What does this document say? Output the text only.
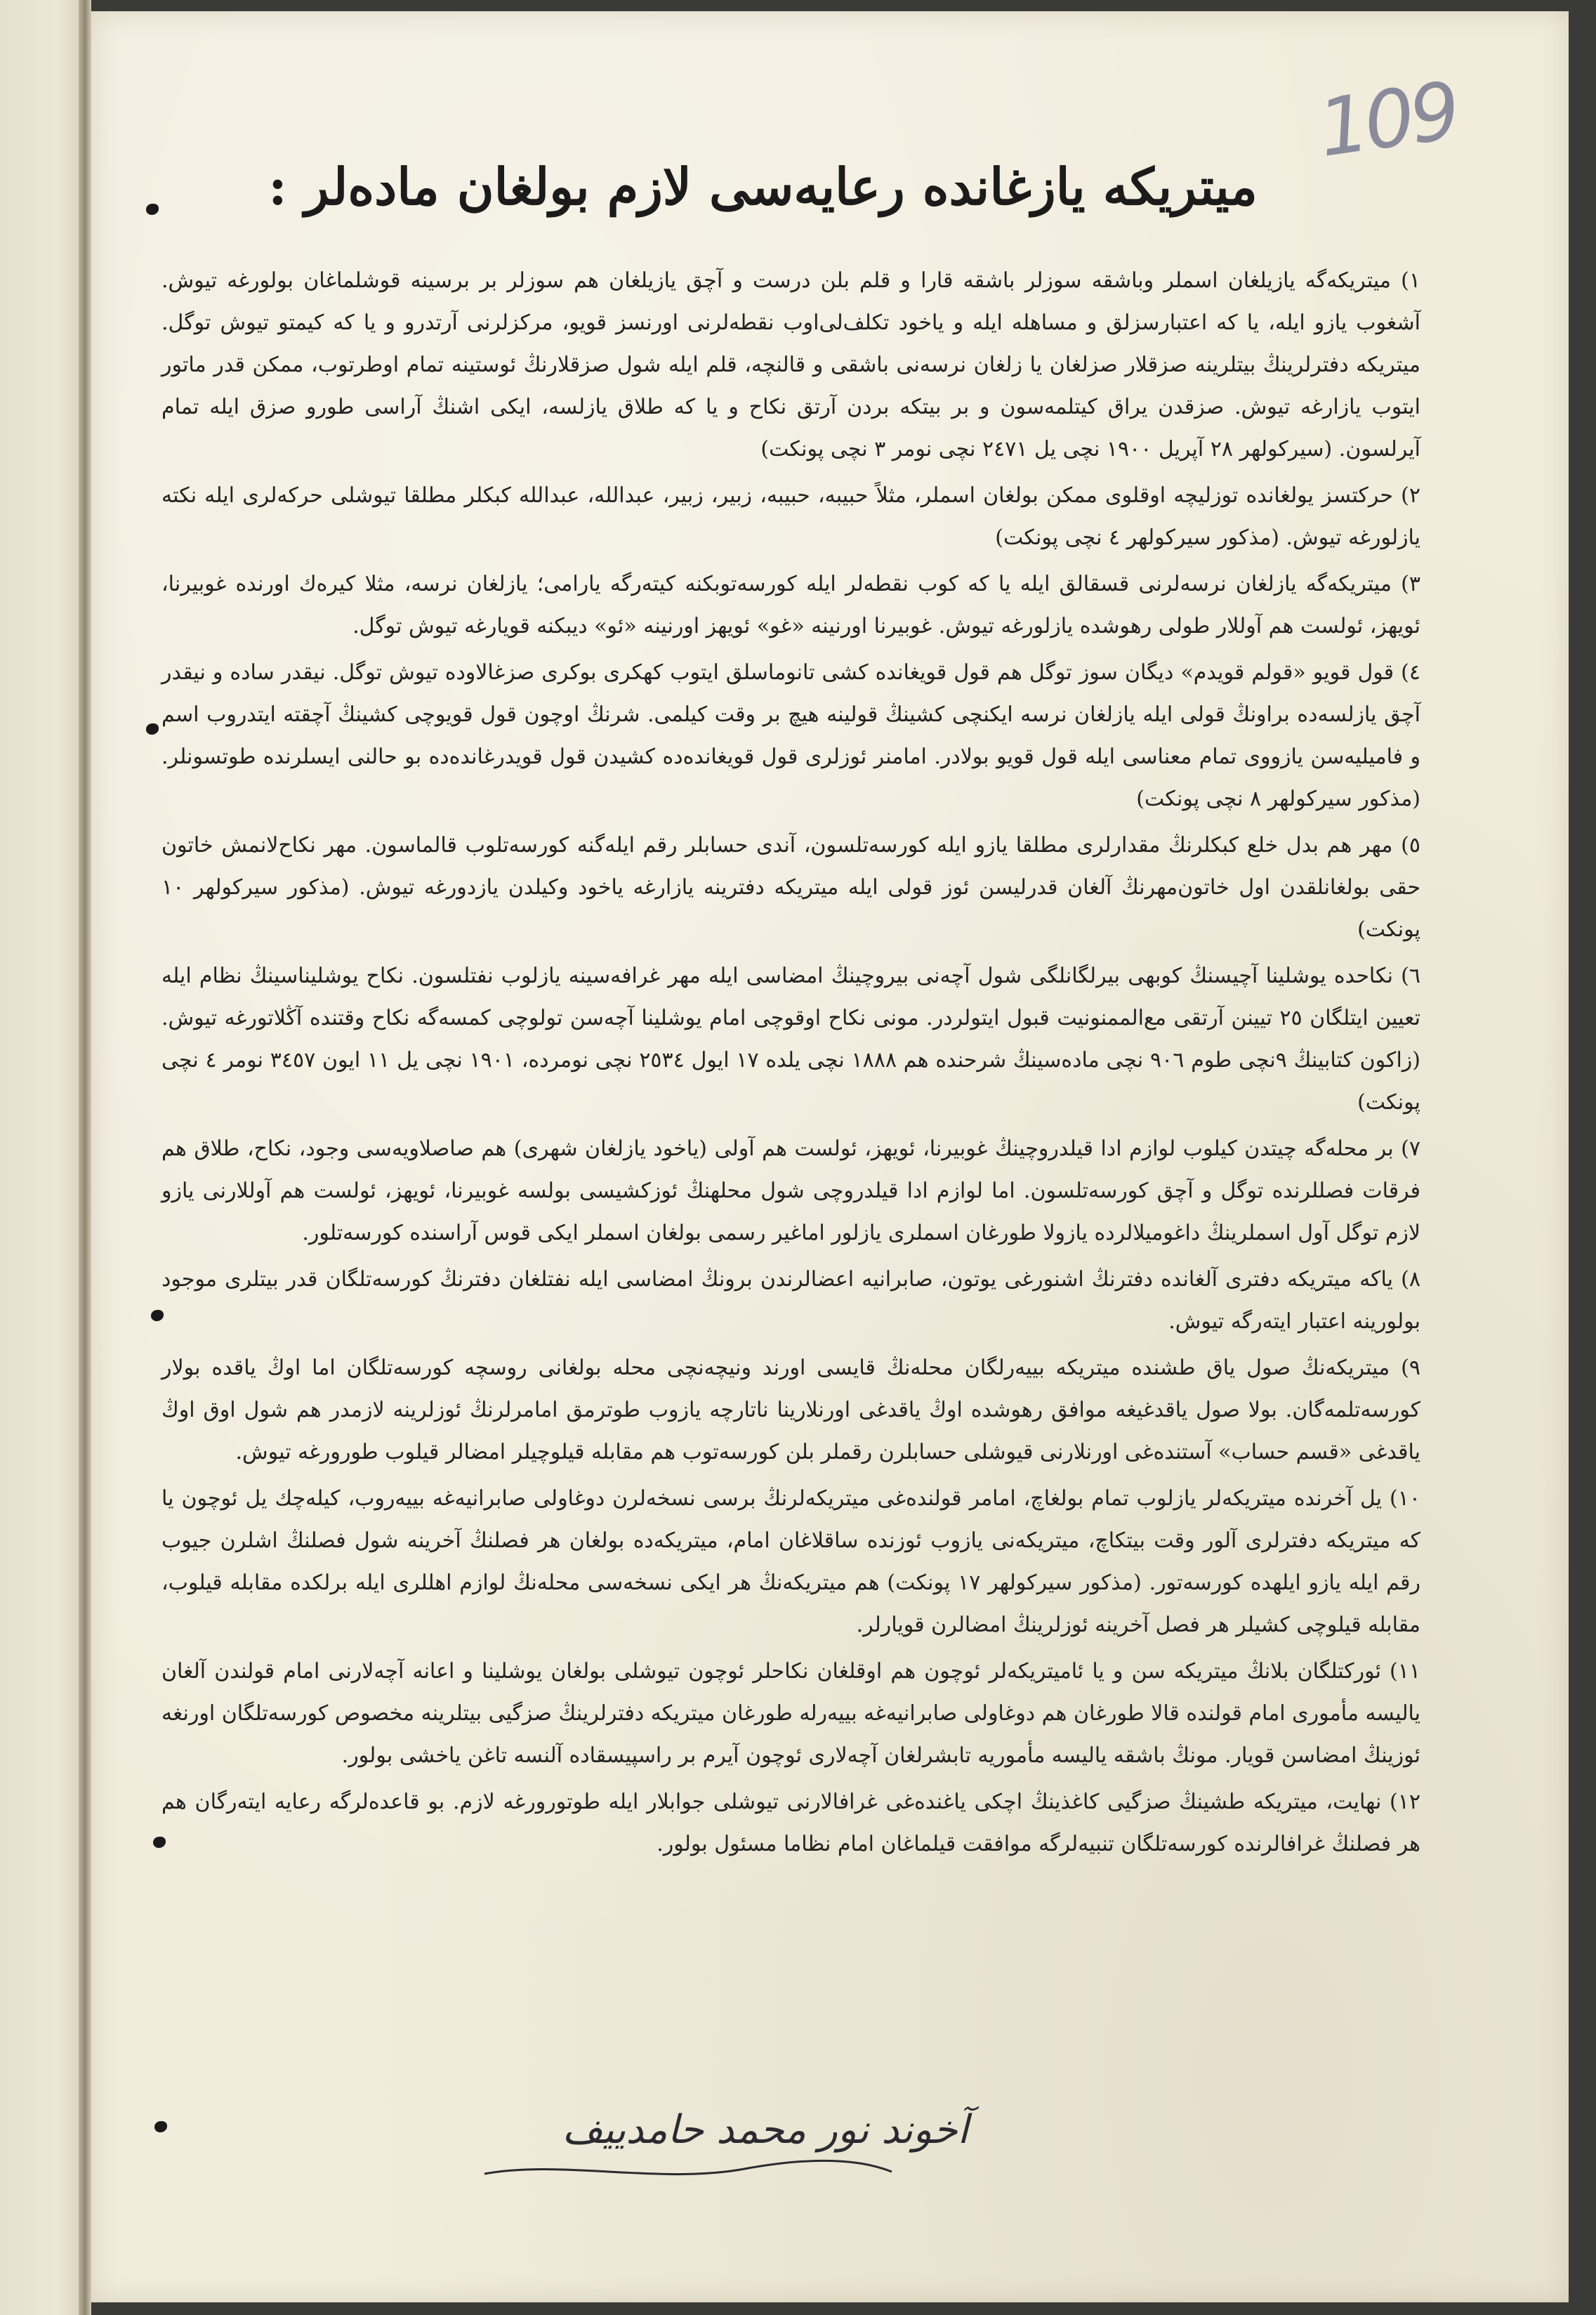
109
میتریکه یازغانده رعایه‌سی لازم بولغان ماده‌لر :

١) میتریکه‌گه یازیلغان اسملر وباشقه سوزلر باشقه قارا و قلم بلن درست و آچق یازیلغان هم سوزلر بر برسینه قوشلماغان بولورغه تیوش. آشغوب یازو ایله، یا که اعتبارسزلق و مساهله ایله و یاخود تکلف‌لی‌اوب نقطه‌لرنی اورنسز قویو، مرکزلرنی آرتدرو و یا که کیمتو تیوش توگل. میتریکه دفترلرینڭ بیتلرینه صزقلار صزلغان یا زلغان نرسه‌نی باشقی و قالنچه، قلم ایله شول صزقلارنڭ ئوستینه تمام اوطرتوب، ممکن قدر ماتور ایتوب یازارغه تیوش. صزقدن یراق کیتلمه‌سون و بر بیتکه بردن آرتق نکاح و یا که طلاق یازلسه، ایکی اشنڭ آراسی طورو صزق ایله تمام آیرلسون. (سیرکولهر ٢٨ آپریل ١٩٠٠ نچی یل ٢٤٧١ نچی نومر ٣ نچی پونکت)

٢) حرکتسز یولغانده توزلیچه اوقلوی ممکن بولغان اسملر، مثلاً حبیبه، حبیبه، زبیر، زبیر، عبدالله، عبدالله کبکلر مطلقا تیوشلی حرکه‌لری ایله نکته یازلورغه تیوش. (مذکور سیرکولهر ٤ نچی پونکت)

٣) میتریکه‌گه یازلغان نرسه‌لرنی قسقالق ایله یا که کوب نقطه‌لر ایله کورسه‌توبکنه کیته‌رگه یارامی؛ یازلغان نرسه، مثلا کیره‌ك اورنده غوبیرنا، ئویهز، ئولست هم آوللار طولی رهوشده یازلورغه تیوش. غوبیرنا اورنینه «غو» ئویهز اورنینه «ئو» دیبکنه قویارغه تیوش توگل.

٤) قول قویو «قولم قویدم» دیگان سوز توگل هم قول قویغانده کشی تانوماسلق ایتوب کهکری بوکری صزغالاوده تیوش توگل. نیقدر ساده و نیقدر آچق یازلسه‌ده براونڭ قولی ایله یازلغان نرسه ایکنچی کشینڭ قولینه هیچ بر وقت کیلمی. شرنڭ اوچون قول قویوچی کشینڭ آچقته ایتدروب اسم و فامیلیه‌سن یازووی تمام معناسی ایله قول قویو بولادر. امامنر ئوزلری قول قویغانده‌ده کشیدن قول قویدرغانده‌ده بو حالنی ایسلرنده طوتسونلر. (مذکور سیرکولهر ٨ نچی پونکت)

٥) مهر هم بدل خلع کبکلرنڭ مقدارلری مطلقا یازو ایله کورسه‌تلسون، آندی حسابلر رقم ایله‌گنه کورسه‌تلوب قالماسون. مهر نکاح‌لانمش خاتون حقی بولغانلقدن اول خاتون‌مهرنڭ آلغان قدرلیسن ئوز قولی ایله میتریکه دفترینه یازارغه یاخود وکیلدن یازدورغه تیوش. (مذکور سیرکولهر ١٠ پونکت)

٦) نکاحده یوشلینا آچیسنڭ کوبهی بیرلگانلگی شول آچه‌نی بیروچینڭ امضاسی ایله مهر غرافه‌سینه یازلوب نفتلسون. نکاح یوشلیناسینڭ نظام ایله تعیین ایتلگان ٢٥ تیینن آرتقی مع‌الممنونیت قبول ایتولردر. مونی نکاح اوقوچی امام یوشلینا آچه‌سن تولوچی کمسه‌گه نکاح وقتنده آڭلاتورغه تیوش. (زاکون کتابینڭ ٩نچی طوم ٩٠٦ نچی ماده‌سینڭ شرحنده هم ١٨٨٨ نچی یلده ١٧ ایول ٢٥٣٤ نچی نومرده، ١٩٠١ نچی یل ١١ ایون ٣٤٥٧ نومر ٤ نچی پونکت)

٧) بر محله‌گه چیتدن کیلوب لوازم ادا قیلدروچینڭ غوبیرنا، ئویهز، ئولست هم آولی (یاخود یازلغان شهری) هم صاصلاویه‌سی وجود، نکاح، طلاق هم فرقات فصللرنده توگل و آچق کورسه‌تلسون. اما لوازم ادا قیلدروچی شول محلهنڭ ئوزکشیسی بولسه غوبیرنا، ئویهز، ئولست هم آوللارنی یازو لازم توگل آول اسملرینڭ داغومیلالرده یازولا طورغان اسملری یازلور اماغیر رسمی بولغان اسملر ایکی قوس آراسنده کورسه‌تلور.

٨) یاکه میتریکه دفتری آلغانده دفترنڭ اشنورغی یوتون، صابرانیه اعضالرندن برونڭ امضاسی ایله نفتلغان دفترنڭ کورسه‌تلگان قدر بیتلری موجود بولورینه اعتبار ایته‌رگه تیوش.

٩) میتریکه‌نڭ صول یاق طشنده میتریکه بییه‌رلگان محله‌نڭ قایسی اورند ونیچه‌نچی محله بولغانی روسچه کورسه‌تلگان اما اوڭ یاقده بولار کورسه‌تلمه‌گان. بولا صول یاقدغیغه موافق رهوشده اوڭ یاقدغی اورنلارینا ناتارچه یازوب طوترمق امامرلرنڭ ئوزلرینه لازمدر هم شول اوق اوڭ یاقدغی «قسم حساب» آستنده‌غی اورنلارنی قیوشلی حسابلرن رقملر بلن کورسه‌توب هم مقابله قیلوچیلر امضالر قیلوب طورورغه تیوش.

١٠) یل آخرنده میتریکه‌لر یازلوب تمام بولغاچ، امامر قولنده‌غی میتریکه‌لرنڭ برسی نسخه‌لرن دوغاولی صابرانیه‌غه بییه‌روب، کیله‌چك یل ئوچون یا که میتریکه دفترلری آلور وقت بیتکاچ، میتریکه‌نی یازوب ئوزنده ساقلاغان امام، میتریکه‌ده بولغان هر فصلنڭ آخرینه شول فصلنڭ اشلرن جیوب رقم ایله یازو ایلهده کورسه‌تور. (مذکور سیرکولهر ١٧ پونکت) هم میتریکه‌نڭ هر ایکی نسخه‌سی محله‌نڭ لوازم اهللری ایله برلکده مقابله قیلوب، مقابله قیلوچی کشیلر هر فصل آخرینه ئوزلرینڭ امضالرن قویارلر.

١١) ئورکتلگان بلانڭ میتریکه سن و یا ئامیتریکه‌لر ئوچون هم اوقلغان نکاحلر ئوچون تیوشلی بولغان یوشلینا و اعانه آچه‌لارنی امام قولندن آلغان یالیسه مأموری امام قولنده قالا طورغان هم دوغاولی صابرانیه‌غه بییه‌رله طورغان میتریکه دفترلرینڭ صزگیی بیتلرینه مخصوص کورسه‌تلگان اورنغه ئوزینڭ امضاسن قویار. مونڭ باشقه یالیسه مأموریه تابشرلغان آچه‌لاری ئوچون آیرم بر راسپیسقاده آلنسه تاغن یاخشی بولور.

١٢) نهایت، میتریکه طشینڭ صزگیی کاغذینڭ اچکی یاغنده‌غی غرافالارنی تیوشلی جوابلار ایله طوتورورغه لازم. بو قاعده‌لرگه رعایه ایته‌رگان هم هر فصلنڭ غرافالرنده کورسه‌تلگان تنبیه‌لرگه موافقت قیلماغان امام نظاما مسئول بولور.

آخوند نور محمد حامدییف
